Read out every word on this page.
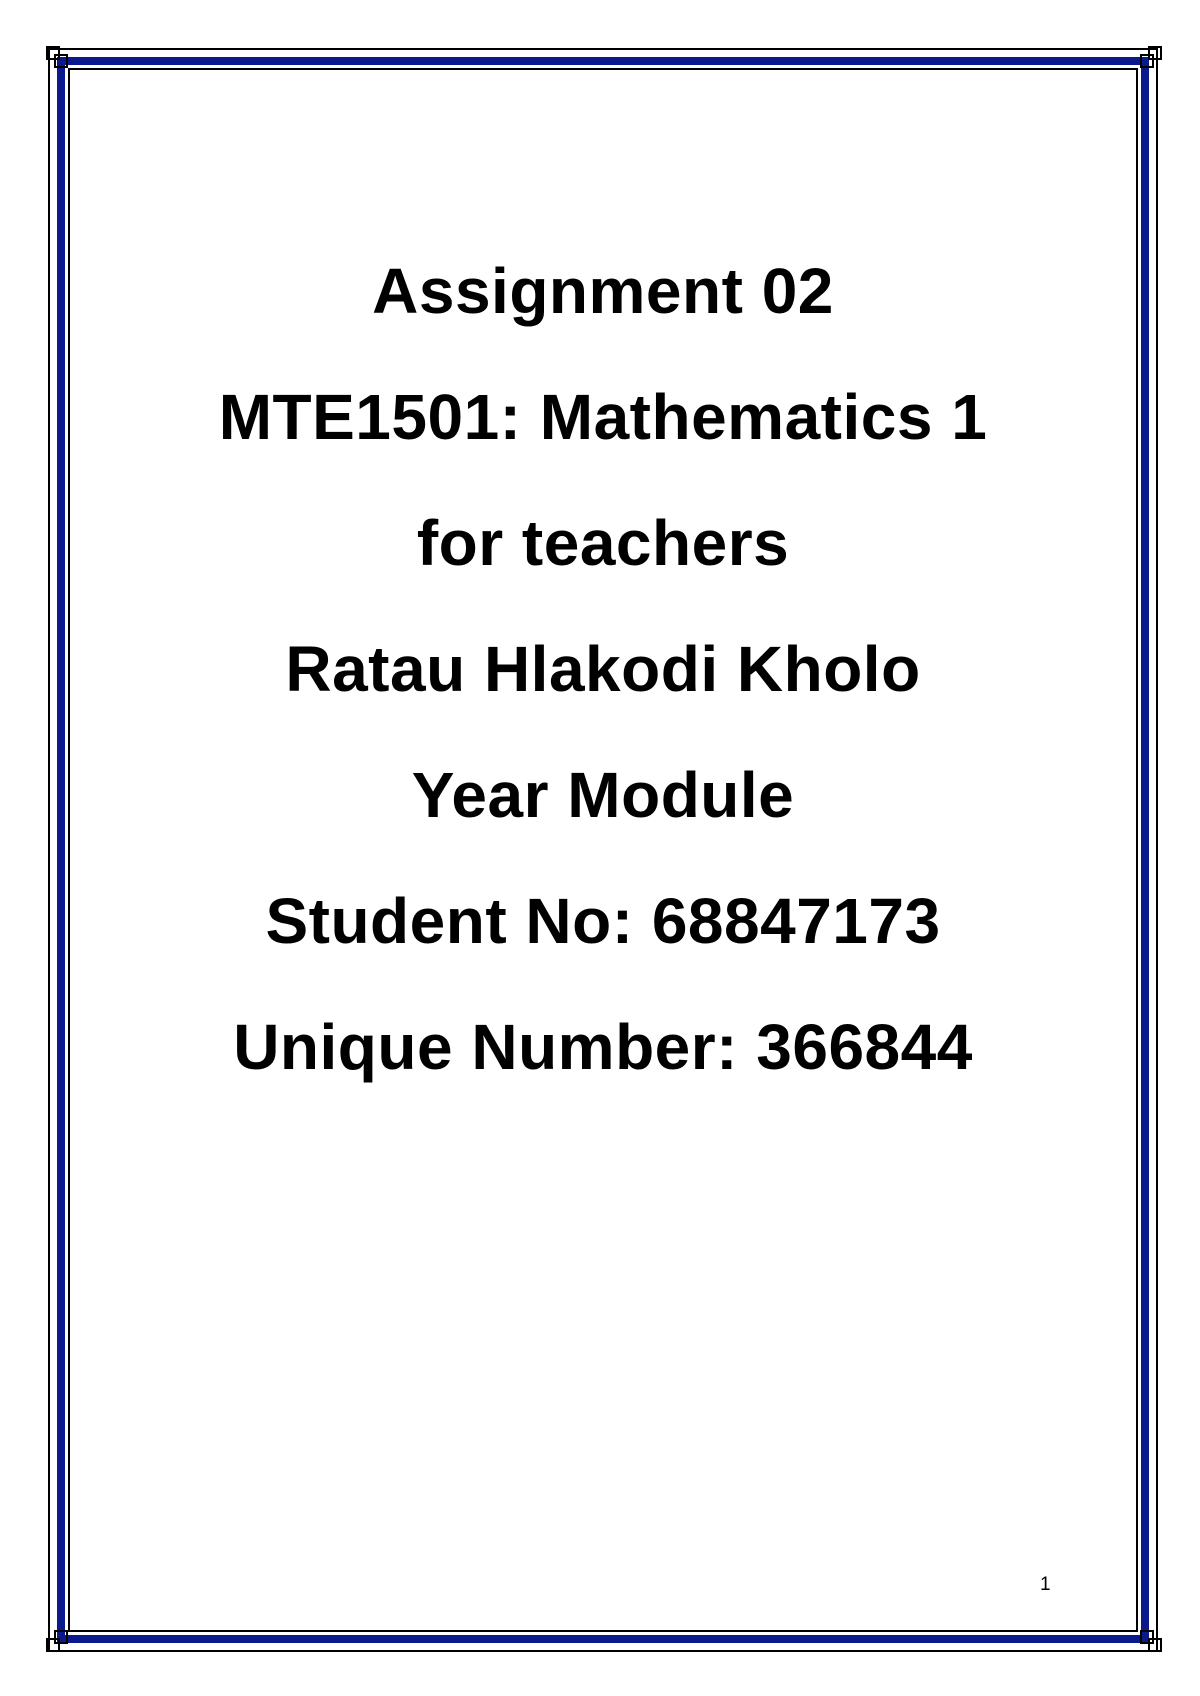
Assignment 02

MTE1501: Mathematics 1

for teachers

Ratau Hlakodi Kholo

Year Module

Student No: 68847173

Unique Number: 366844

1
